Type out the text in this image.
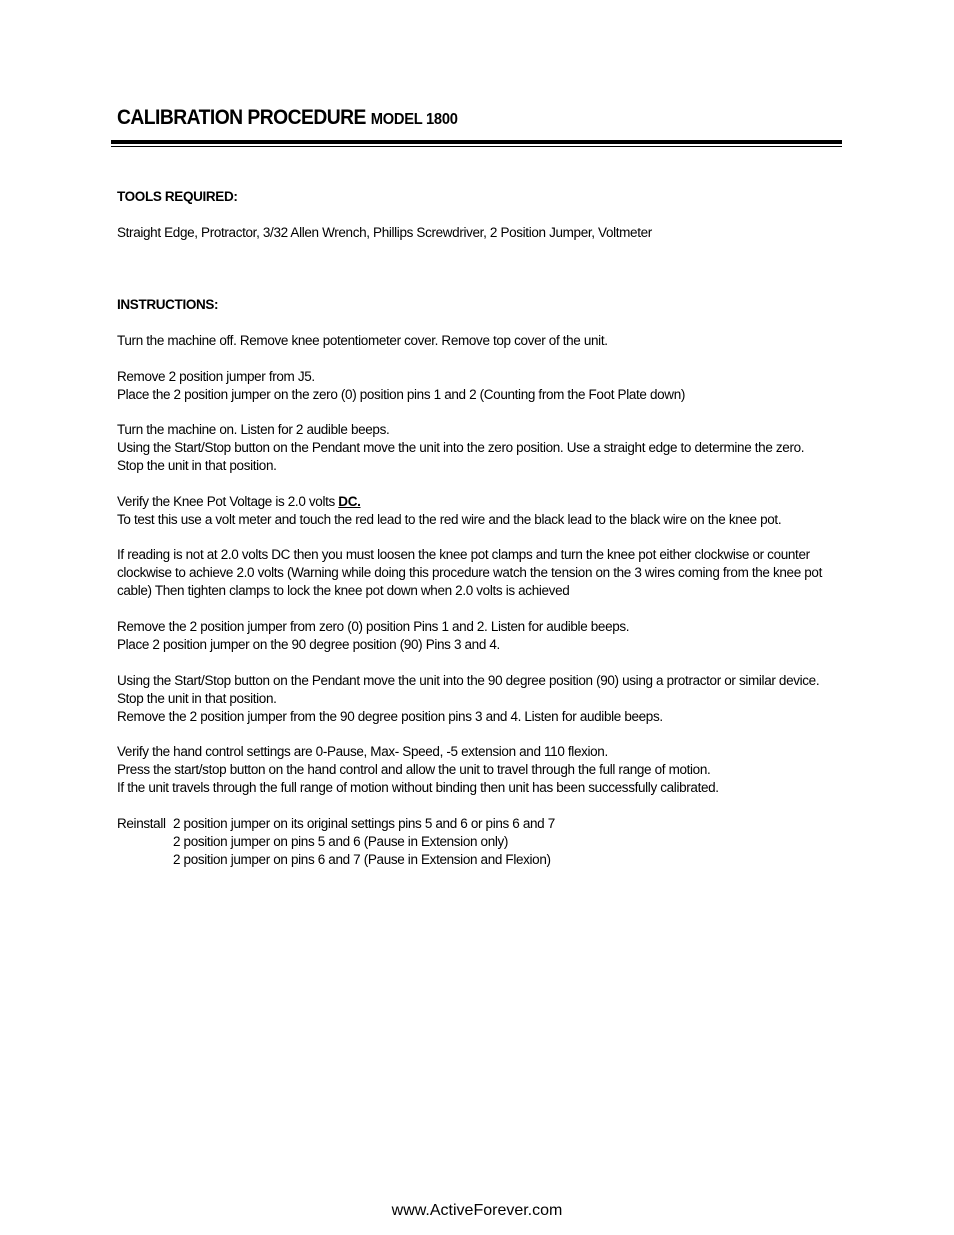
CALIBRATION PROCEDURE MODEL 1800
TOOLS REQUIRED:

Straight Edge, Protractor, 3/32 Allen Wrench, Phillips Screwdriver, 2 Position Jumper, Voltmeter

INSTRUCTIONS:

Turn the machine off. Remove knee potentiometer cover. Remove top cover of the unit.

Remove 2 position jumper from J5.

Place the 2 position jumper on the zero (0) position pins 1 and 2 (Counting from the Foot Plate down)

Turn the machine on. Listen for 2 audible beeps.

Using the Start/Stop button on the Pendant move the unit into the zero position. Use a straight edge to determine the zero.

Stop the unit in that position.

Verify the Knee Pot Voltage is 2.0 volts DC.

To test this use a volt meter and touch the red lead to the red wire and the black lead to the black wire on the knee pot.

If reading is not at 2.0 volts DC then you must loosen the knee pot clamps and turn the knee pot either clockwise or counter

clockwise to achieve 2.0 volts (Warning while doing this procedure watch the tension on the 3 wires coming from the knee pot

cable) Then tighten clamps to lock the knee pot down when 2.0 volts is achieved

Remove the 2 position jumper from zero (0) position Pins 1 and 2. Listen for audible beeps.

Place 2 position jumper on the 90 degree position (90) Pins 3 and 4.

Using the Start/Stop button on the Pendant move the unit into the 90 degree position (90) using a protractor or similar device.

Stop the unit in that position.

Remove the 2 position jumper from the 90 degree position pins 3 and 4. Listen for audible beeps.

Verify the hand control settings are 0-Pause, Max- Speed, -5 extension and 110 flexion.

Press the start/stop button on the hand control and allow the unit to travel through the full range of motion.

If the unit travels through the full range of motion without binding then unit has been successfully calibrated.

Reinstall 2 position jumper on its original settings pins 5 and 6 or pins 6 and 7
2 position jumper on pins 5 and 6 (Pause in Extension only)
2 position jumper on pins 6 and 7 (Pause in Extension and Flexion)
www.ActiveForever.com
